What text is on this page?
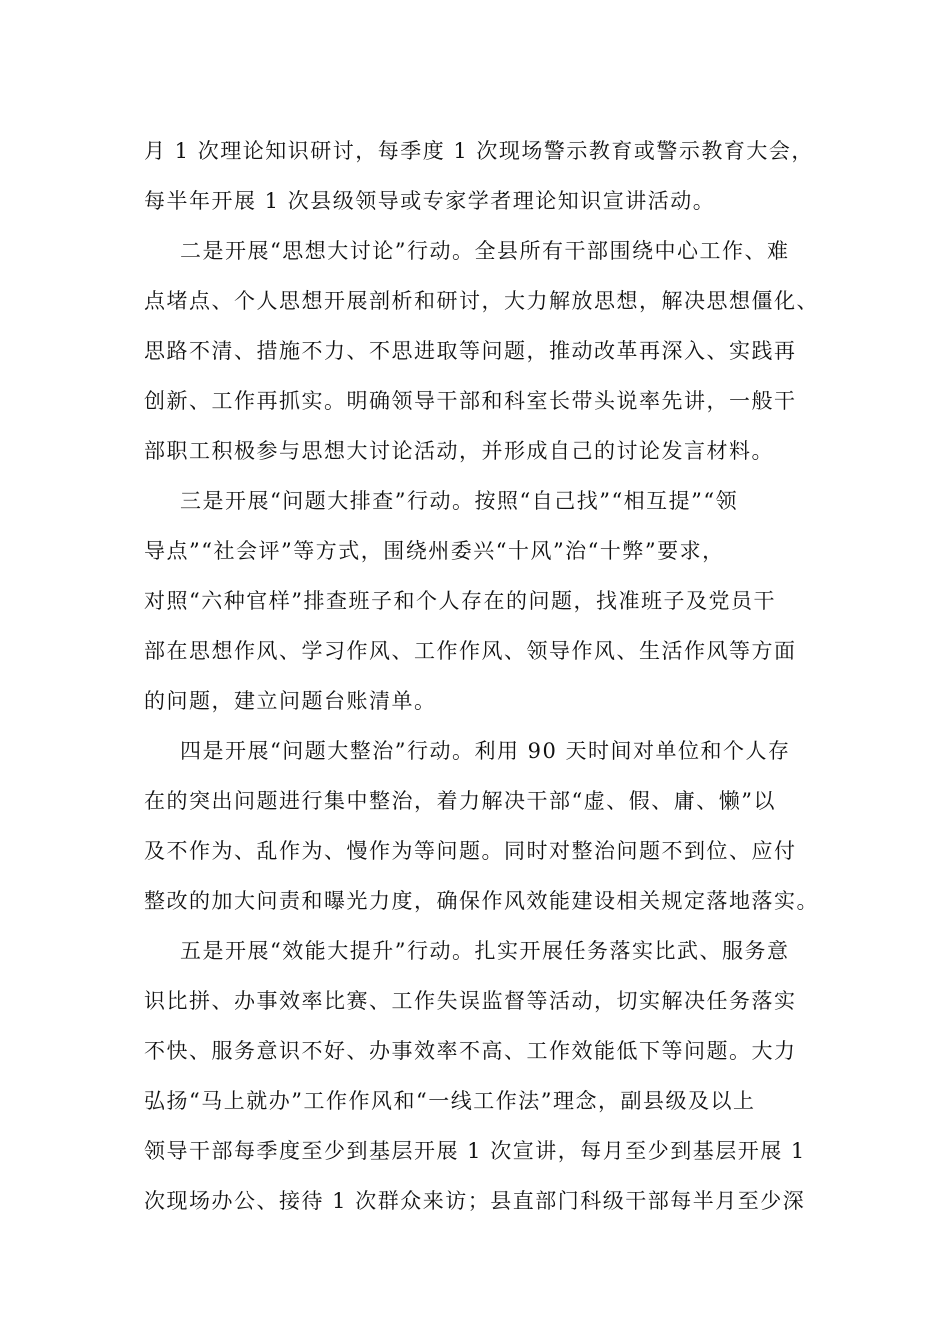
月 1 次理论知识研讨，每季度 1 次现场警示教育或警示教育大会，
每半年开展 1 次县级领导或专家学者理论知识宣讲活动。
二是开展“思想大讨论”行动。全县所有干部围绕中心工作、难
点堵点、个人思想开展剖析和研讨，大力解放思想，解决思想僵化、
思路不清、措施不力、不思进取等问题，推动改革再深入、实践再
创新、工作再抓实。明确领导干部和科室长带头说率先讲，一般干
部职工积极参与思想大讨论活动，并形成自己的讨论发言材料。
三是开展“问题大排查”行动。按照“自己找”“相互提”“领
导点”“社会评”等方式，围绕州委兴“十风”治“十弊”要求，
对照“六种官样”排查班子和个人存在的问题，找准班子及党员干
部在思想作风、学习作风、工作作风、领导作风、生活作风等方面
的问题，建立问题台账清单。
四是开展“问题大整治”行动。利用 90 天时间对单位和个人存
在的突出问题进行集中整治，着力解决干部“虚、假、庸、懒”以
及不作为、乱作为、慢作为等问题。同时对整治问题不到位、应付
整改的加大问责和曝光力度，确保作风效能建设相关规定落地落实。
五是开展“效能大提升”行动。扎实开展任务落实比武、服务意
识比拼、办事效率比赛、工作失误监督等活动，切实解决任务落实
不快、服务意识不好、办事效率不高、工作效能低下等问题。大力
弘扬“马上就办”工作作风和“一线工作法”理念，副县级及以上
领导干部每季度至少到基层开展 1 次宣讲，每月至少到基层开展 1
次现场办公、接待 1 次群众来访；县直部门科级干部每半月至少深
